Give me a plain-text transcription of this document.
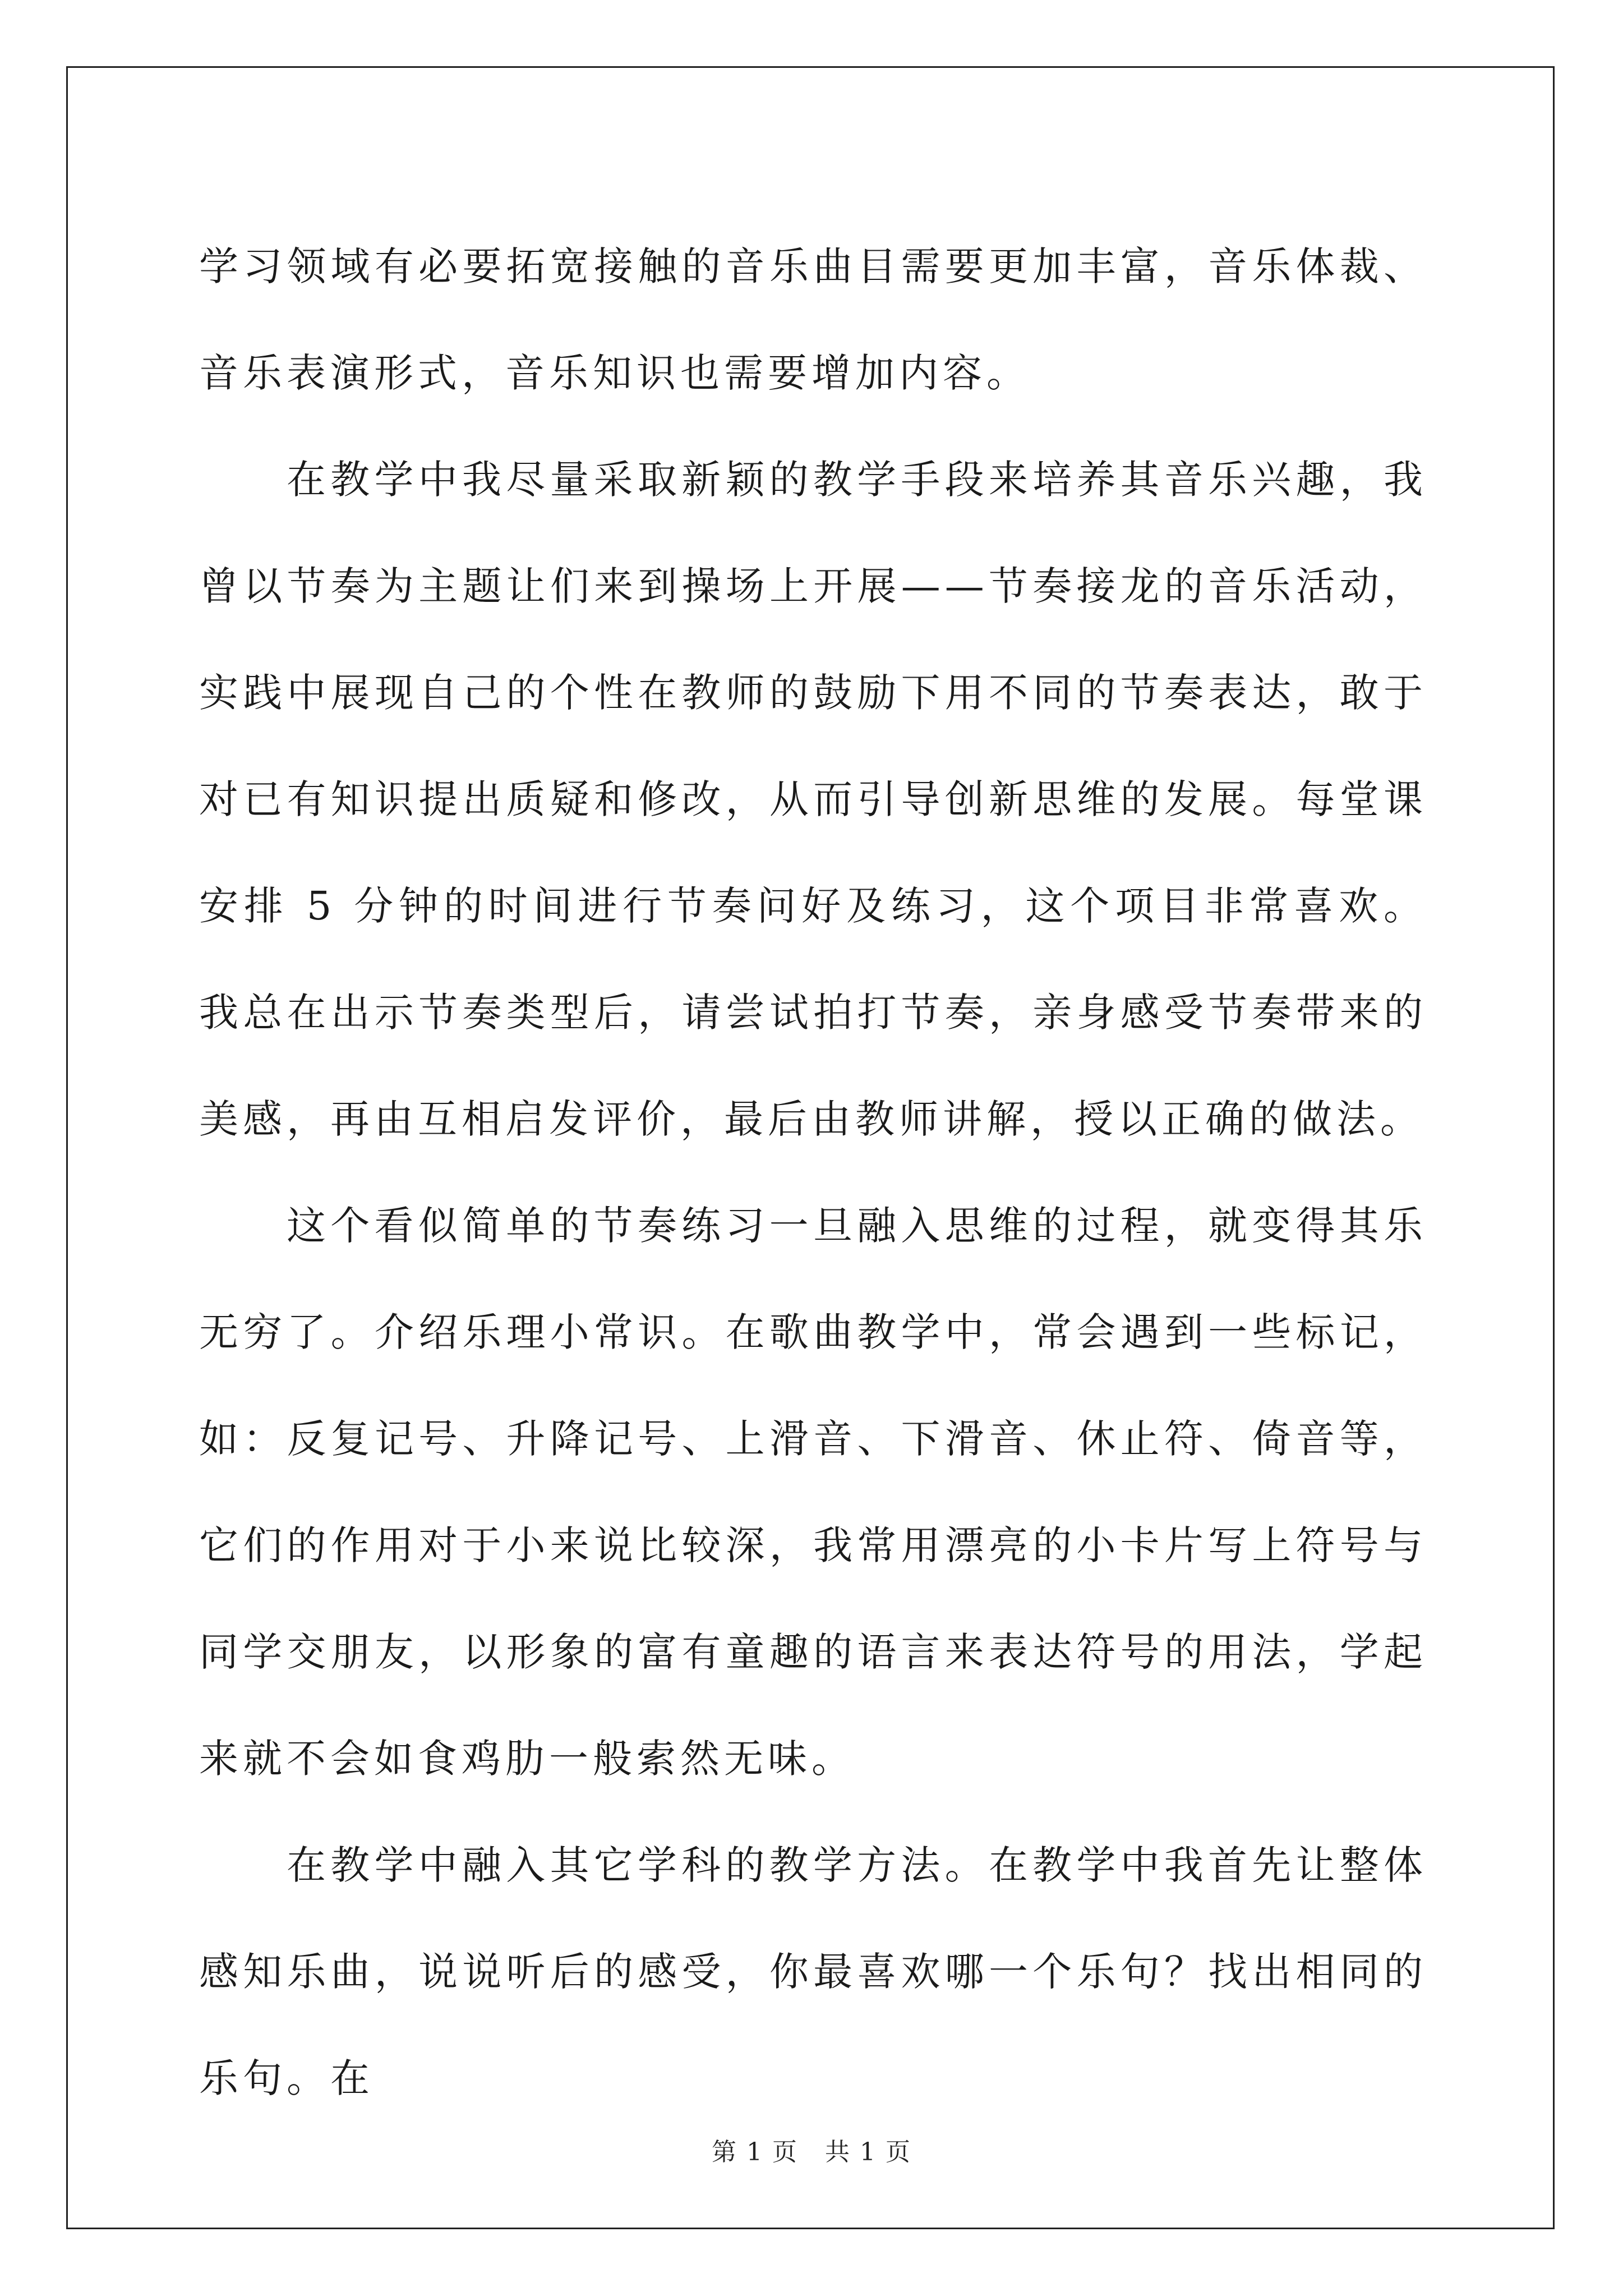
学习领域有必要拓宽接触的音乐曲目需要更加丰富，音乐体裁、音乐表演形式，音乐知识也需要增加内容。

在教学中我尽量采取新颖的教学手段来培养其音乐兴趣，我曾以节奏为主题让们来到操场上开展——节奏接龙的音乐活动，实践中展现自己的个性在教师的鼓励下用不同的节奏表达，敢于对已有知识提出质疑和修改，从而引导创新思维的发展。每堂课安排 5 分钟的时间进行节奏问好及练习，这个项目非常喜欢。我总在出示节奏类型后，请尝试拍打节奏，亲身感受节奏带来的美感，再由互相启发评价，最后由教师讲解，授以正确的做法。

这个看似简单的节奏练习一旦融入思维的过程，就变得其乐无穷了。介绍乐理小常识。在歌曲教学中，常会遇到一些标记，如：反复记号、升降记号、上滑音、下滑音、休止符、倚音等，它们的作用对于小来说比较深，我常用漂亮的小卡片写上符号与同学交朋友，以形象的富有童趣的语言来表达符号的用法，学起来就不会如食鸡肋一般索然无味。

在教学中融入其它学科的教学方法。在教学中我首先让整体感知乐曲，说说听后的感受，你最喜欢哪一个乐句？找出相同的乐句。在

第 1 页 共 1 页
